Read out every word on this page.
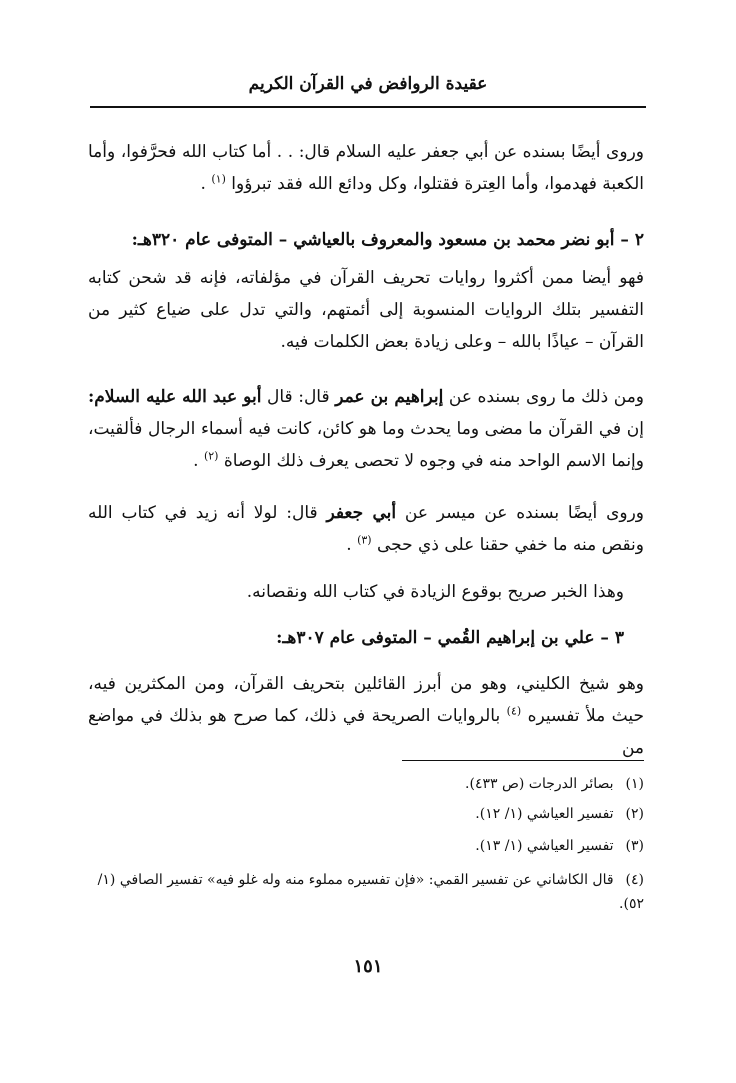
عقيدة الروافض في القرآن الكريم

وروى أيضًا بسنده عن أبي جعفر عليه السلام قال: . . أما كتاب الله فحرَّفوا، وأما الكعبة فهدموا، وأما العِترة فقتلوا، وكل ودائع الله فقد تبرؤوا $^{(١)}$ .

٢ – أبو نضر محمد بن مسعود والمعروف بالعياشي – المتوفى عام ٣٢٠هـ:

فهو أيضا ممن أكثروا روايات تحريف القرآن في مؤلفاته، فإنه قد شحن كتابه التفسير بتلك الروايات المنسوبة إلى أئمتهم، والتي تدل على ضياع كثير من القرآن – عياذًا بالله – وعلى زيادة بعض الكلمات فيه.

ومن ذلك ما روى بسنده عن إبراهيم بن عمر قال: قال أبو عبد الله عليه السلام: إن في القرآن ما مضى وما يحدث وما هو كائن، كانت فيه أسماء الرجال فألقيت، وإنما الاسم الواحد منه في وجوه لا تحصى يعرف ذلك الوصاة $^{(٢)}$ .

وروى أيضًا بسنده عن ميسر عن أبي جعفر قال: لولا أنه زيد في كتاب الله ونقص منه ما خفي حقنا على ذي حجى $^{(٣)}$ .

وهذا الخبر صريح بوقوع الزيادة في كتاب الله ونقصانه.

٣ – علي بن إبراهيم القُمي – المتوفى عام ٣٠٧هـ:

وهو شيخ الكليني، وهو من أبرز القائلين بتحريف القرآن، ومن المكثرين فيه، حيث ملأ تفسيره $^{(٤)}$ بالروايات الصريحة في ذلك، كما صرح هو بذلك في مواضع من

(١) بصائر الدرجات (ص ٤٣٣).

(٢) تفسير العياشي (١/ ١٢).

(٣) تفسير العياشي (١/ ١٣).

(٤) قال الكاشاني عن تفسير القمي: «فإن تفسيره مملوء منه وله غلو فيه» تفسير الصافي (١/ ٥٢).

١٥١
